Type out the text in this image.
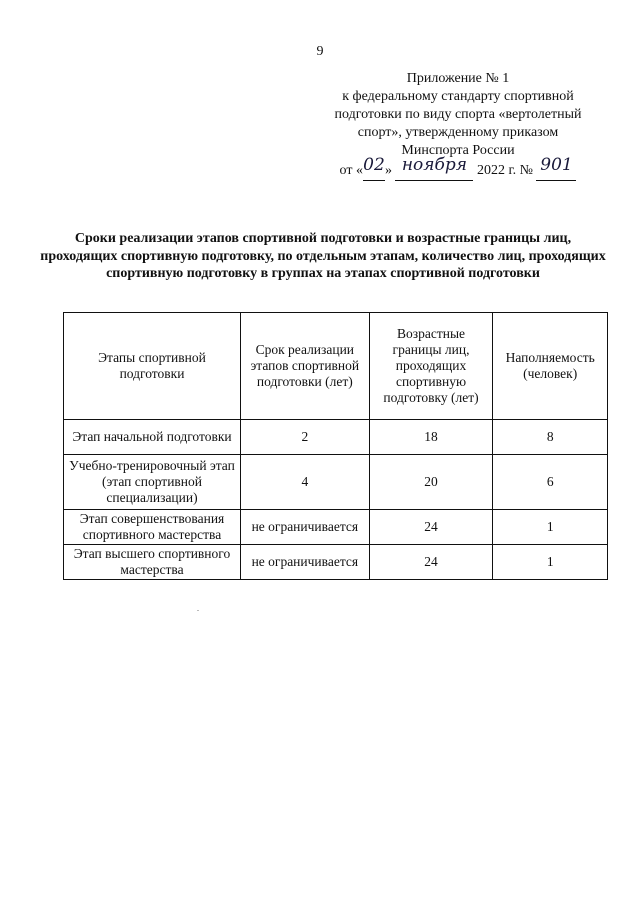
9
Приложение № 1
к федеральному стандарту спортивной
подготовки по виду спорта «вертолетный
спорт», утвержденному приказом
Минспорта России
от «02» ноября 2022 г. № 901
Сроки реализации этапов спортивной подготовки и возрастные границы лиц, проходящих спортивную подготовку, по отдельным этапам, количество лиц, проходящих спортивную подготовку в группах на этапах спортивной подготовки
Этапы спортивной подготовки	Срок реализации этапов спортивной подготовки (лет)	Возрастные границы лиц, проходящих спортивную подготовку (лет)	Наполняемость (человек)
Этап начальной подготовки	2	18	8
Учебно-тренировочный этап (этап спортивной специализации)	4	20	6
Этап совершенствования спортивного мастерства	не ограничивается	24	1
Этап высшего спортивного мастерства	не ограничивается	24	1
